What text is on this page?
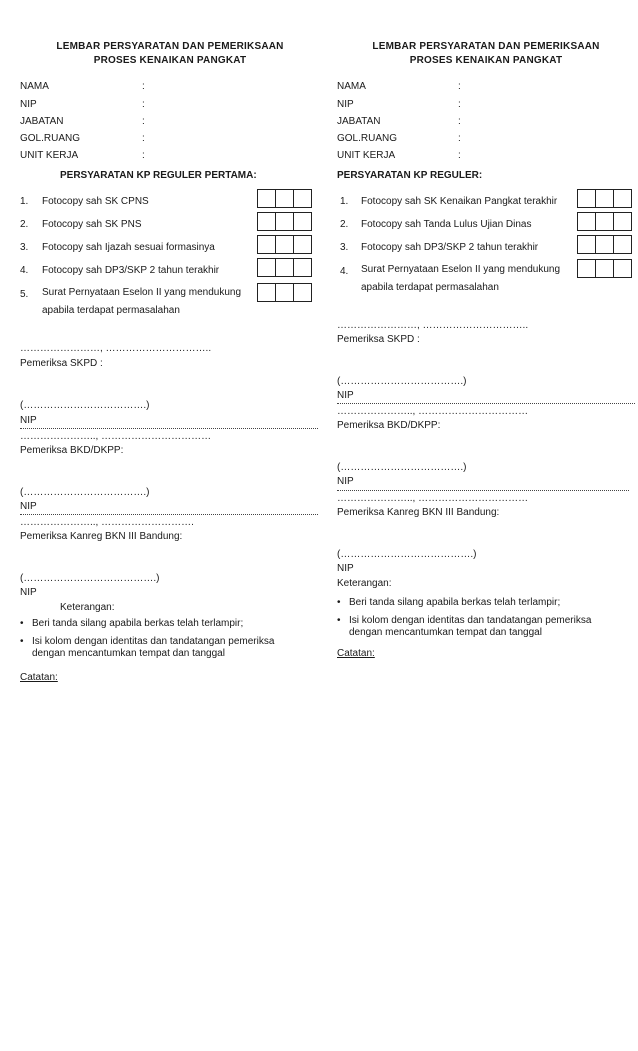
LEMBAR PERSYARATAN DAN PEMERIKSAAN
PROSES KENAIKAN PANGKAT
NAMA	:
NIP	:
JABATAN	:
GOL.RUANG	:
UNIT KERJA	:
PERSYARATAN KP REGULER PERTAMA:
1. Fotocopy sah SK CPNS
2. Fotocopy sah SK PNS
3. Fotocopy sah Ijazah sesuai formasinya
4. Fotocopy sah DP3/SKP 2 tahun terakhir
5. Surat Pernyataan Eselon II yang mendukung apabila terdapat permasalahan
……………………, …………………………..
Pemeriksa SKPD :
(……………………………….)
NIP
………………….., ……………………………
Pemeriksa BKD/DKPP:
(……………………………….)
NIP
………………….., ……………………….
Pemeriksa Kanreg BKN III Bandung:
(………………………………….)
NIP
Keterangan:
• Beri tanda silang apabila berkas telah terlampir;
• Isi kolom dengan identitas dan tandatangan pemeriksa dengan mencantumkan tempat dan tanggal
Catatan:
LEMBAR PERSYARATAN DAN PEMERIKSAAN
PROSES KENAIKAN PANGKAT
NAMA	:
NIP	:
JABATAN	:
GOL.RUANG	:
UNIT KERJA	:
PERSYARATAN KP REGULER:
1. Fotocopy sah SK Kenaikan Pangkat terakhir
2. Fotocopy sah Tanda Lulus Ujian Dinas
3. Fotocopy sah DP3/SKP 2 tahun terakhir
4. Surat Pernyataan Eselon II yang mendukung apabila terdapat permasalahan
……………………, …………………………..
Pemeriksa SKPD :
(……………………………….)
NIP
………………….., ……………………………
Pemeriksa BKD/DKPP:
(……………………………….)
NIP
………………….., ……………………………
Pemeriksa Kanreg BKN III Bandung:
(………………………………….)
NIP
Keterangan:
• Beri tanda silang apabila berkas telah terlampir;
• Isi kolom dengan identitas dan tandatangan pemeriksa dengan mencantumkan tempat dan tanggal
Catatan:
